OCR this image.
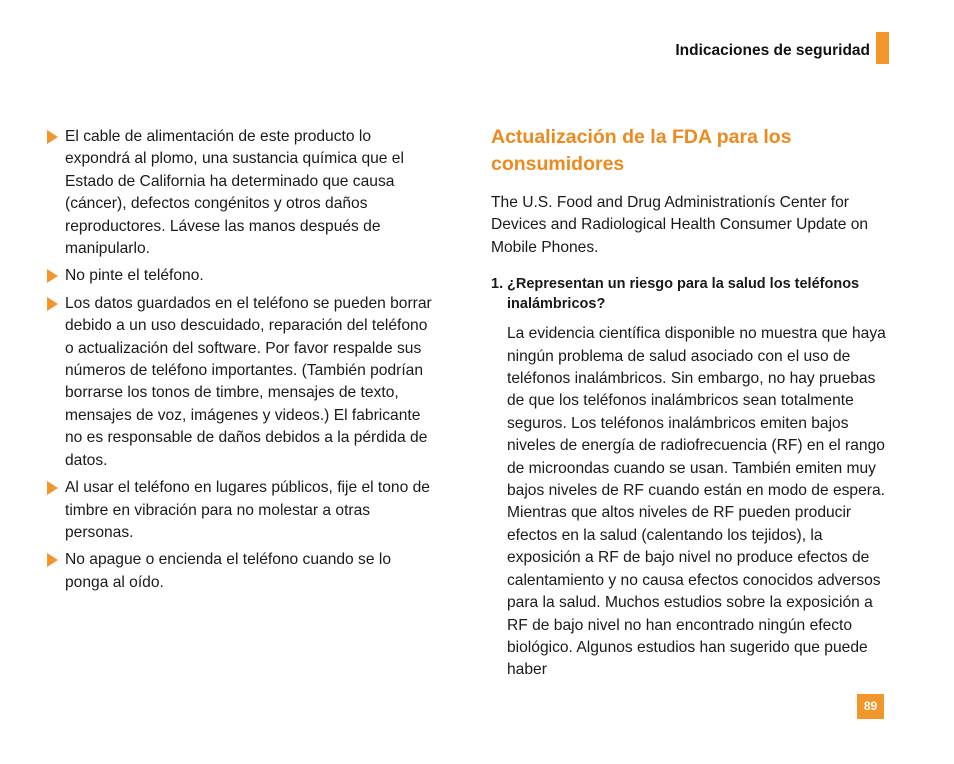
Indicaciones de seguridad
El cable de alimentación de este producto lo expondrá al plomo, una sustancia química que el Estado de California ha determinado que causa (cáncer), defectos congénitos y otros daños reproductores. Lávese las manos después de manipularlo.
No pinte el teléfono.
Los datos guardados en el teléfono se pueden borrar debido a un uso descuidado, reparación del teléfono o actualización del software. Por favor respalde sus números de teléfono importantes. (También podrían borrarse los tonos de timbre, mensajes de texto, mensajes de voz, imágenes y videos.) El fabricante no es responsable de daños debidos a la pérdida de datos.
Al usar el teléfono en lugares públicos, fije el tono de timbre en vibración para no molestar a otras personas.
No apague o encienda el teléfono cuando se lo ponga al oído.
Actualización de la FDA para los consumidores

The U.S. Food and Drug Administrationís Center for Devices and Radiological Health Consumer Update on Mobile Phones.

1. ¿Representan un riesgo para la salud los teléfonos inalámbricos?

La evidencia científica disponible no muestra que haya ningún problema de salud asociado con el uso de teléfonos inalámbricos. Sin embargo, no hay pruebas de que los teléfonos inalámbricos sean totalmente seguros. Los teléfonos inalámbricos emiten bajos niveles de energía de radiofrecuencia (RF) en el rango de microondas cuando se usan. También emiten muy bajos niveles de RF cuando están en modo de espera. Mientras que altos niveles de RF pueden producir efectos en la salud (calentando los tejidos), la exposición a RF de bajo nivel no produce efectos de calentamiento y no causa efectos conocidos adversos para la salud. Muchos estudios sobre la exposición a RF de bajo nivel no han encontrado ningún efecto biológico. Algunos estudios han sugerido que puede haber

89
